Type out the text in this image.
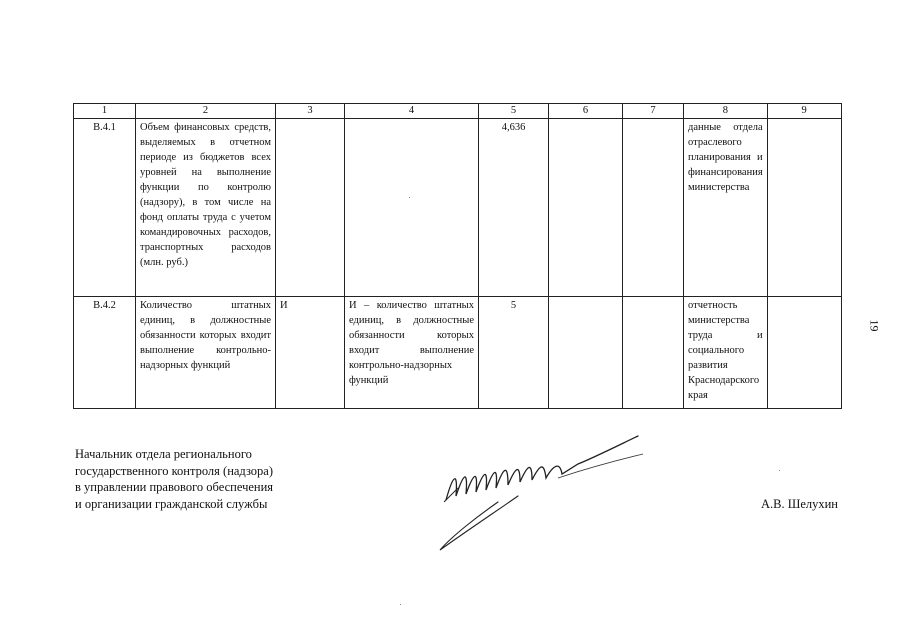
1	2	3	4	5	6	7	8	9
В.4.1	Объем финансовых средств, выделяемых в отчетном периоде из бюджетов всех уровней на выполнение функции по контролю (надзору), в том числе на фонд оплаты труда с учетом командировочных расходов, транспортных расходов (млн. руб.)			4,636			данные отдела отраслевого планирования и финансирования министерства	
В.4.2	Количество штатных единиц, в должностные обязанности которых входит выполнение контрольно-надзорных функций	И	И – количество штатных единиц, в должностные обязанности которых входит выполнение контрольно-надзорных функций	5			отчетность министерства труда и социального развития Краснодарского края	
19
Начальник отдела регионального
государственного контроля (надзора)
в управлении правового обеспечения
и организации гражданской службы	А.В. Шелухин
